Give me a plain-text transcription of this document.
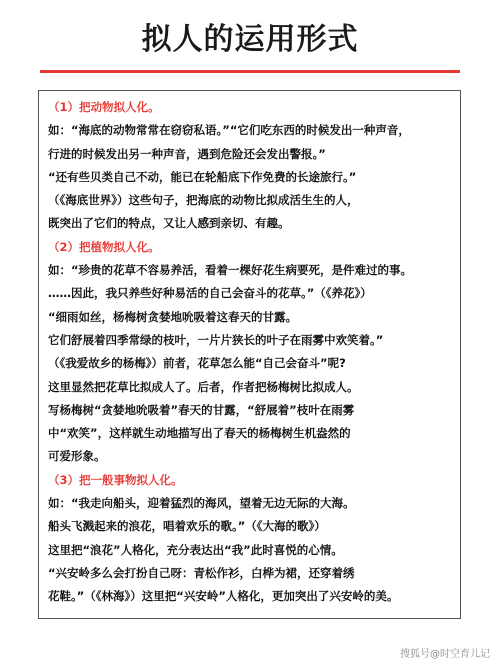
拟人的运用形式
（1）把动物拟人化。
如：“海底的动物常常在窃窃私语。”“它们吃东西的时候发出一种声音，
行进的时候发出另一种声音，遇到危险还会发出警报。”
“还有些贝类自己不动，能已在轮船底下作免费的长途旅行。”
（《海底世界》）这些句子，把海底的动物比拟成活生生的人，
既突出了它们的特点，又让人感到亲切、有趣。
（2）把植物拟人化。
如：“珍贵的花草不容易养活，看着一棵好花生病要死，是件难过的事。
……因此，我只养些好种易活的自己会奋斗的花草。”（《养花》）
“细雨如丝，杨梅树贪婪地吮吸着这春天的甘露。
它们舒展着四季常绿的枝叶，一片片狭长的叶子在雨雾中欢笑着。”
（《我爱故乡的杨梅》）前者，花草怎么能“自己会奋斗”呢?
这里显然把花草比拟成人了。后者，作者把杨梅树比拟成人。
写杨梅树“贪婪地吮吸着”春天的甘露，“舒展着”枝叶在雨雾
中“欢笑”，这样就生动地描写出了春天的杨梅树生机盎然的
可爱形象。
（3）把一般事物拟人化。
如：“我走向船头，迎着猛烈的海风，望着无边无际的大海。
船头飞溅起来的浪花，唱着欢乐的歌。”（《大海的歌》）
这里把“浪花”人格化，充分表达出“我”此时喜悦的心情。
“兴安岭多么会打扮自己呀：青松作衫，白桦为裙，还穿着绣
花鞋。”（《林海》）这里把“兴安岭”人格化，更加突出了兴安岭的美。
搜狐号@时空育儿记
